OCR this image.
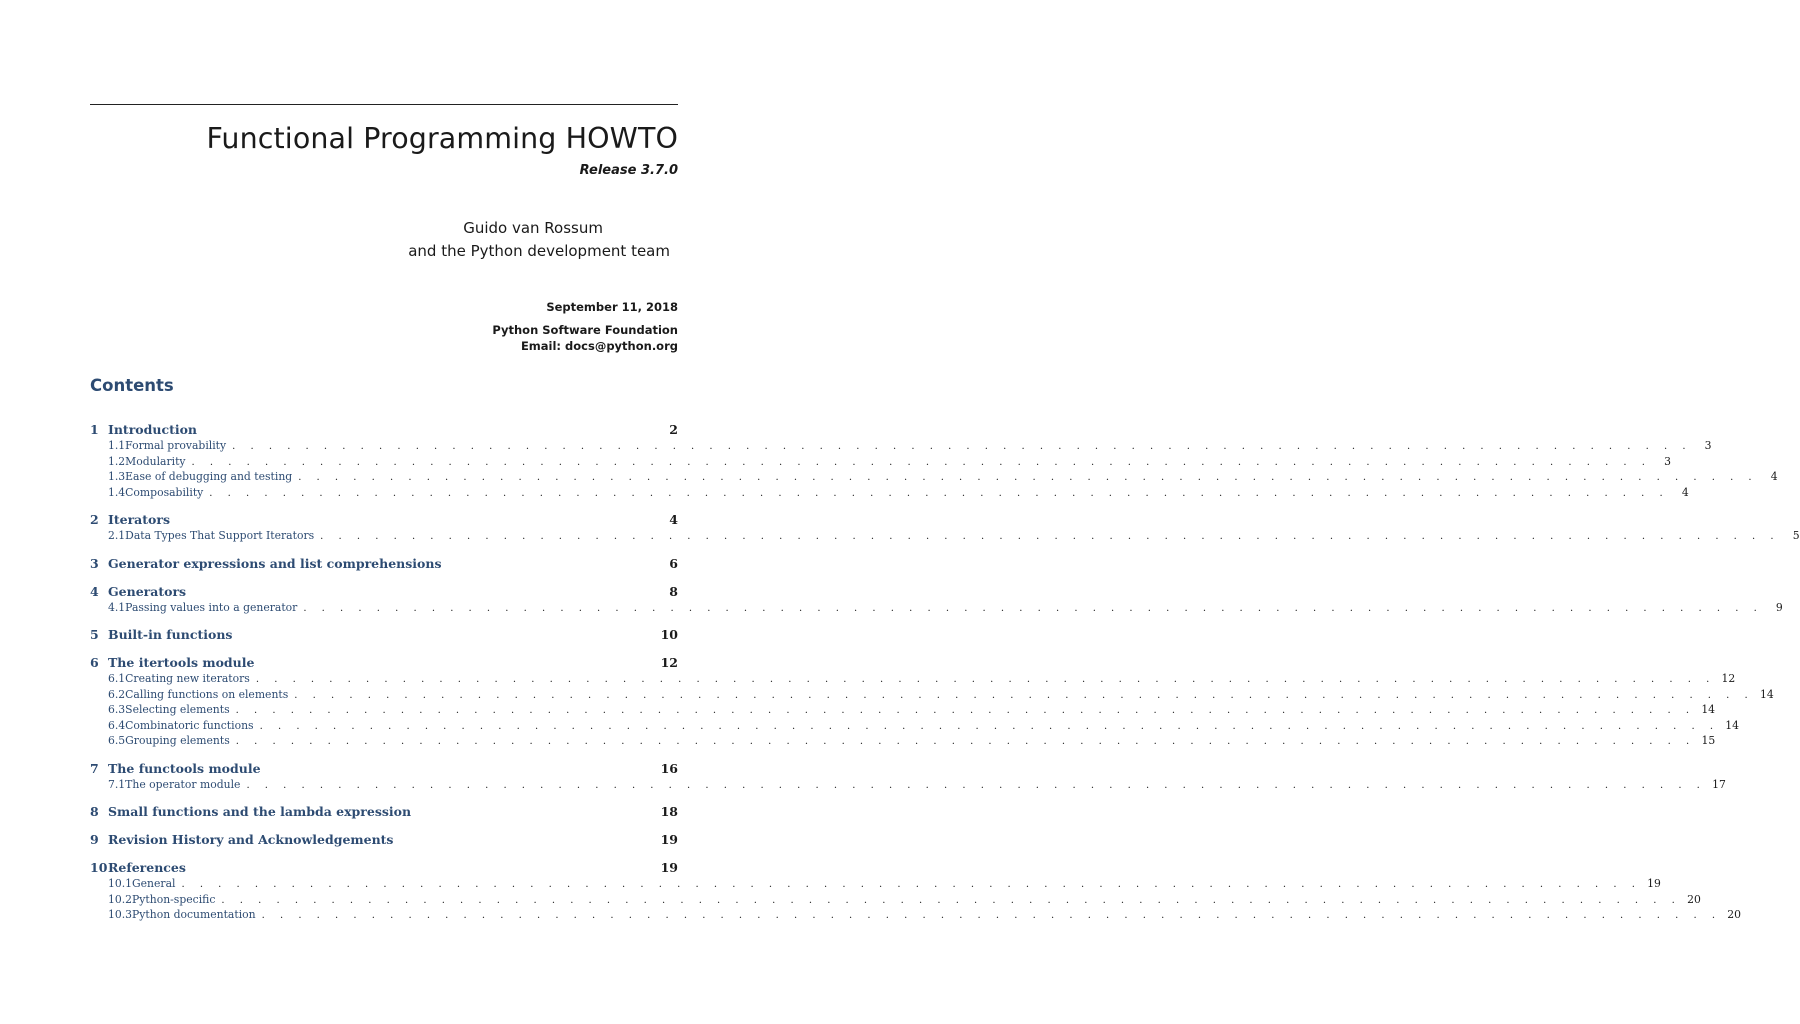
Functional Programming HOWTO
Release 3.7.0
Guido van Rossum
and the Python development team
September 11, 2018
Python Software Foundation
Email: docs@python.org
Contents
1 Introduction	2
1.1 Formal provability . . . . . . . . . . . . . . . . . . . . . . . . . . . . . . . . . . . . . . . . . . . . . . . . . . . . . . . . . . . . . . . . . . . . . . . . . . . . . . . .	3
1.2 Modularity . . . . . . . . . . . . . . . . . . . . . . . . . . . . . . . . . . . . . . . . . . . . . . . . . . . . . . . . . . . . . . . . . . . . . . . . . . . . . . . .	3
1.3 Ease of debugging and testing . . . . . . . . . . . . . . . . . . . . . . . . . . . . . . . . . . . . . . . . . . . . . . . . . . . . . . . . . . . . . . . . . . . . . . . . . . . . . . . .	4
1.4 Composability . . . . . . . . . . . . . . . . . . . . . . . . . . . . . . . . . . . . . . . . . . . . . . . . . . . . . . . . . . . . . . . . . . . . . . . . . . . . . . . .	4
2 Iterators	4
2.1 Data Types That Support Iterators . . . . . . . . . . . . . . . . . . . . . . . . . . . . . . . . . . . . . . . . . . . . . . . . . . . . . . . . . . . . . . . . . . . . . . . . . . . . . . . .	5
3 Generator expressions and list comprehensions	6
4 Generators	8
4.1 Passing values into a generator . . . . . . . . . . . . . . . . . . . . . . . . . . . . . . . . . . . . . . . . . . . . . . . . . . . . . . . . . . . . . . . . . . . . . . . . . . . . . . . .	9
5 Built-in functions	10
6 The itertools module	12
6.1 Creating new iterators . . . . . . . . . . . . . . . . . . . . . . . . . . . . . . . . . . . . . . . . . . . . . . . . . . . . . . . . . . . . . . . . . . . . . . . . . . . . . . . . 12
6.2 Calling functions on elements . . . . . . . . . . . . . . . . . . . . . . . . . . . . . . . . . . . . . . . . . . . . . . . . . . . . . . . . . . . . . . . . . . . . . . . . . . . . . . . . 14
6.3 Selecting elements . . . . . . . . . . . . . . . . . . . . . . . . . . . . . . . . . . . . . . . . . . . . . . . . . . . . . . . . . . . . . . . . . . . . . . . . . . . . . . . . 14
6.4 Combinatoric functions . . . . . . . . . . . . . . . . . . . . . . . . . . . . . . . . . . . . . . . . . . . . . . . . . . . . . . . . . . . . . . . . . . . . . . . . . . . . . . . . 14
6.5 Grouping elements . . . . . . . . . . . . . . . . . . . . . . . . . . . . . . . . . . . . . . . . . . . . . . . . . . . . . . . . . . . . . . . . . . . . . . . . . . . . . . . . 15
7 The functools module	16
7.1 The operator module . . . . . . . . . . . . . . . . . . . . . . . . . . . . . . . . . . . . . . . . . . . . . . . . . . . . . . . . . . . . . . . . . . . . . . . . . . . . . . . . 17
8 Small functions and the lambda expression	18
9 Revision History and Acknowledgements	19
10 References	19
10.1 General . . . . . . . . . . . . . . . . . . . . . . . . . . . . . . . . . . . . . . . . . . . . . . . . . . . . . . . . . . . . . . . . . . . . . . . . . . . . . . . . 19
10.2 Python-specific . . . . . . . . . . . . . . . . . . . . . . . . . . . . . . . . . . . . . . . . . . . . . . . . . . . . . . . . . . . . . . . . . . . . . . . . . . . . . . . . 20
10.3 Python documentation . . . . . . . . . . . . . . . . . . . . . . . . . . . . . . . . . . . . . . . . . . . . . . . . . . . . . . . . . . . . . . . . . . . . . . . . . . . . . . . . 20
